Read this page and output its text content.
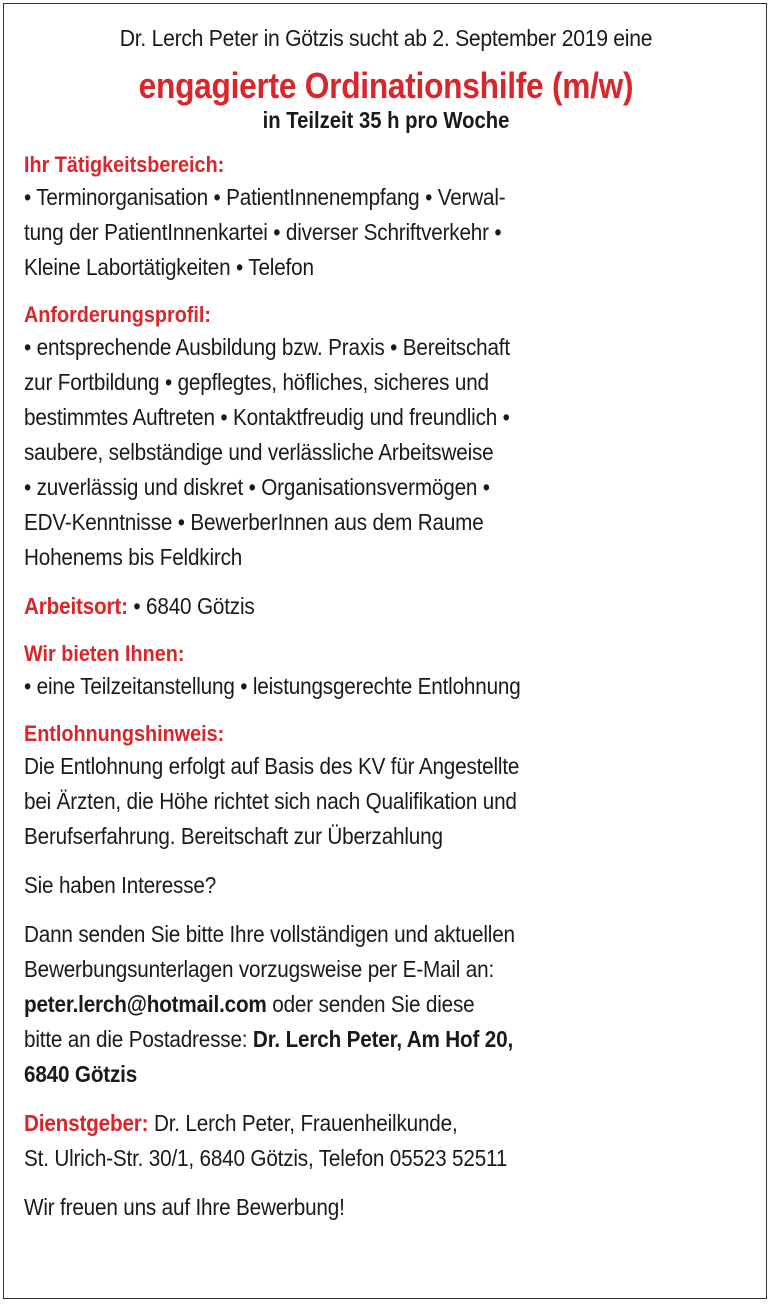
Dr. Lerch Peter in Götzis sucht ab 2. September 2019 eine
engagierte Ordinationshilfe (m/w)
in Teilzeit 35 h pro Woche
Ihr Tätigkeitsbereich:
• Terminorganisation • PatientInnenempfang • Verwal-
tung der PatientInnenkartei • diverser Schriftverkehr •
Kleine Labortätigkeiten • Telefon
Anforderungsprofil:
• entsprechende Ausbildung bzw. Praxis • Bereitschaft
zur Fortbildung • gepflegtes, höfliches, sicheres und
bestimmtes Auftreten • Kontaktfreudig und freundlich •
saubere, selbständige und verlässliche Arbeitsweise
• zuverlässig und diskret • Organisationsvermögen •
EDV-Kenntnisse • BewerberInnen aus dem Raume
Hohenems bis Feldkirch
Arbeitsort: • 6840 Götzis
Wir bieten Ihnen:
• eine Teilzeitanstellung • leistungsgerechte Entlohnung
Entlohnungshinweis:
Die Entlohnung erfolgt auf Basis des KV für Angestellte
bei Ärzten, die Höhe richtet sich nach Qualifikation und
Berufserfahrung. Bereitschaft zur Überzahlung
Sie haben Interesse?
Dann senden Sie bitte Ihre vollständigen und aktuellen
Bewerbungsunterlagen vorzugsweise per E-Mail an:
peter.lerch@hotmail.com oder senden Sie diese
bitte an die Postadresse: Dr. Lerch Peter, Am Hof 20,
6840 Götzis
Dienstgeber: Dr. Lerch Peter, Frauenheilkunde,
St. Ulrich-Str. 30/1, 6840 Götzis, Telefon 05523 52511
Wir freuen uns auf Ihre Bewerbung!
